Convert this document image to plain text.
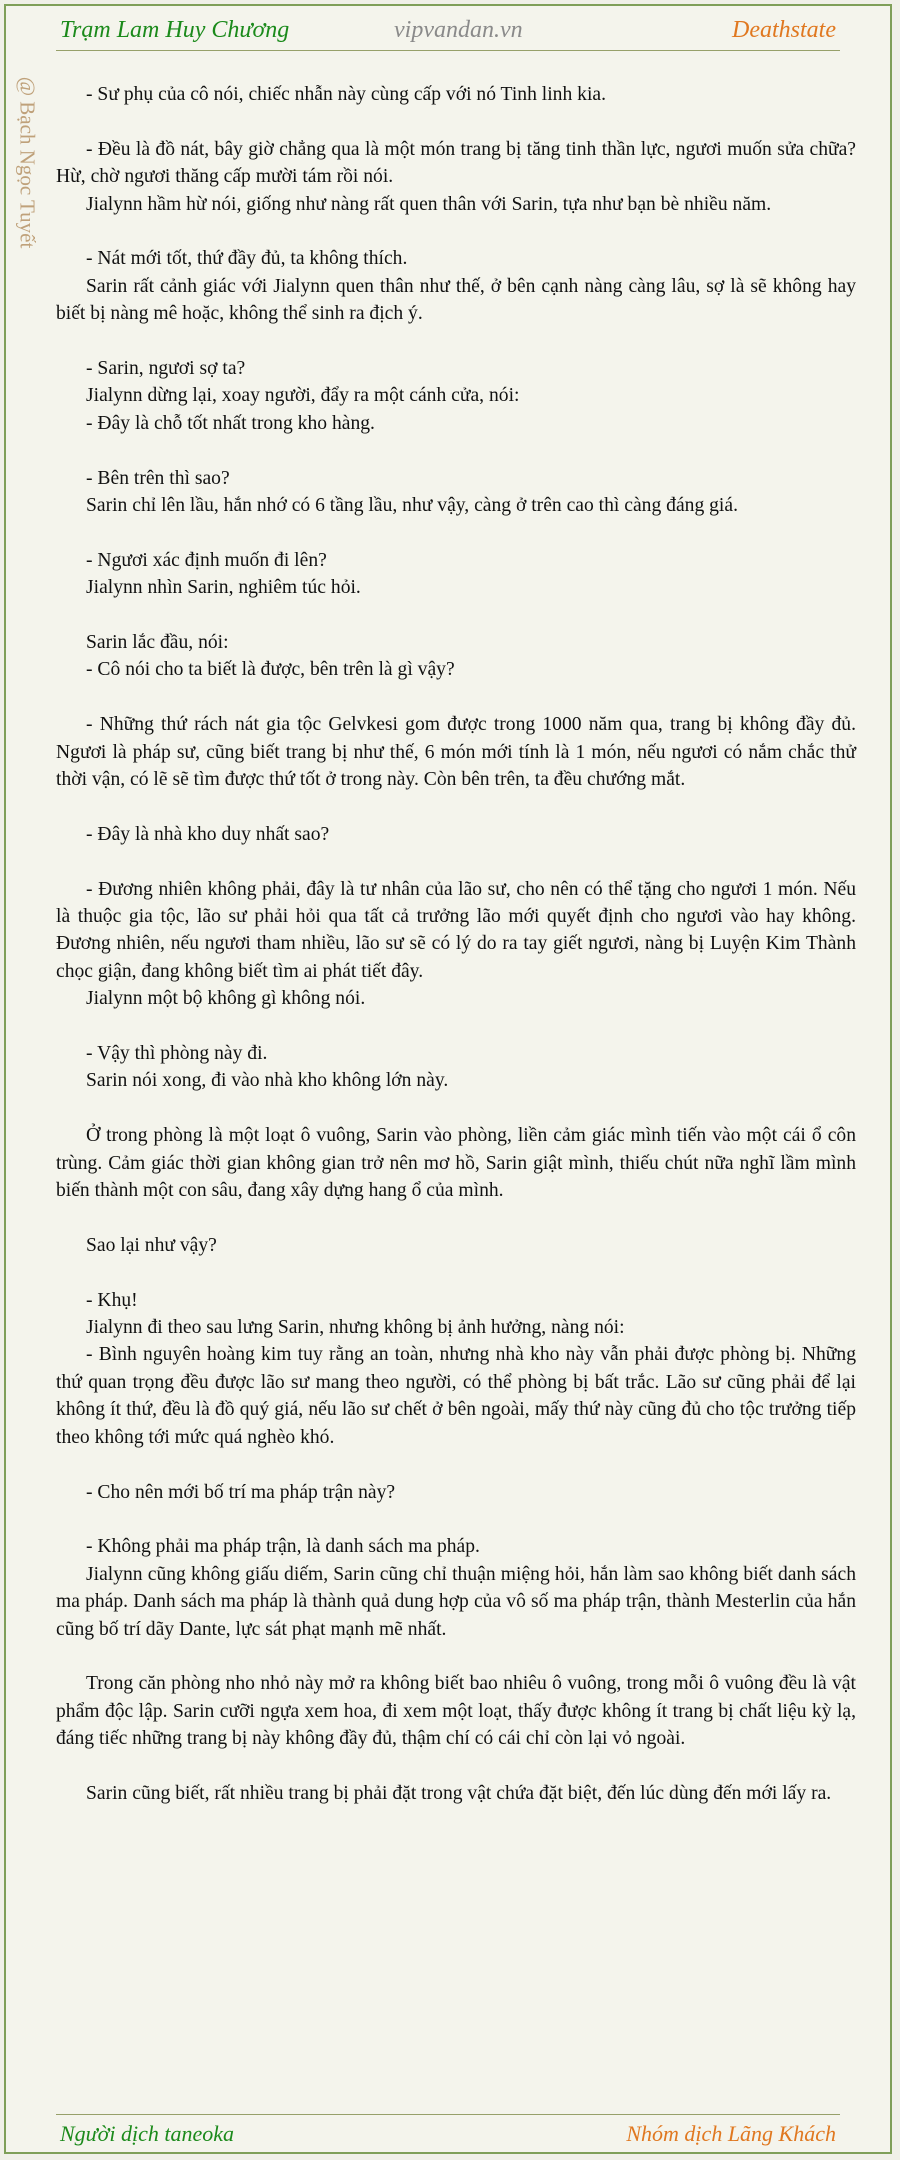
Trạm Lam Huy Chương	vipvandan.vn	Deathstate
@ Bạch Ngọc Tuyết	- Sư phụ của cô nói, chiếc nhẫn này cùng cấp với nó Tinh linh kia.

- Đều là đồ nát, bây giờ chẳng qua là một món trang bị tăng tinh thần lực, ngươi muốn sửa chữa? Hừ, chờ ngươi thăng cấp mười tám rồi nói.

Jialynn hầm hừ nói, giống như nàng rất quen thân với Sarin, tựa như bạn bè nhiều năm.

- Nát mới tốt, thứ đầy đủ, ta không thích.

Sarin rất cảnh giác với Jialynn quen thân như thế, ở bên cạnh nàng càng lâu, sợ là sẽ không hay biết bị nàng mê hoặc, không thể sinh ra địch ý.

- Sarin, ngươi sợ ta?

Jialynn dừng lại, xoay người, đẩy ra một cánh cửa, nói:

- Đây là chỗ tốt nhất trong kho hàng.

- Bên trên thì sao?

Sarin chỉ lên lầu, hắn nhớ có 6 tầng lầu, như vậy, càng ở trên cao thì càng đáng giá.

- Ngươi xác định muốn đi lên?

Jialynn nhìn Sarin, nghiêm túc hỏi.

Sarin lắc đầu, nói:

- Cô nói cho ta biết là được, bên trên là gì vậy?

- Những thứ rách nát gia tộc Gelvkesi gom được trong 1000 năm qua, trang bị không đầy đủ. Ngươi là pháp sư, cũng biết trang bị như thế, 6 món mới tính là 1 món, nếu ngươi có nắm chắc thử thời vận, có lẽ sẽ tìm được thứ tốt ở trong này. Còn bên trên, ta đều chướng mắt.

- Đây là nhà kho duy nhất sao?

- Đương nhiên không phải, đây là tư nhân của lão sư, cho nên có thể tặng cho ngươi 1 món. Nếu là thuộc gia tộc, lão sư phải hỏi qua tất cả trưởng lão mới quyết định cho ngươi vào hay không. Đương nhiên, nếu ngươi tham nhiều, lão sư sẽ có lý do ra tay giết ngươi, nàng bị Luyện Kim Thành chọc giận, đang không biết tìm ai phát tiết đây.

Jialynn một bộ không gì không nói.

- Vậy thì phòng này đi.

Sarin nói xong, đi vào nhà kho không lớn này.

Ở trong phòng là một loạt ô vuông, Sarin vào phòng, liền cảm giác mình tiến vào một cái ổ côn trùng. Cảm giác thời gian không gian trở nên mơ hồ, Sarin giật mình, thiếu chút nữa nghĩ lầm mình biến thành một con sâu, đang xây dựng hang ổ của mình.

Sao lại như vậy?

- Khụ!

Jialynn đi theo sau lưng Sarin, nhưng không bị ảnh hưởng, nàng nói:

- Bình nguyên hoàng kim tuy rằng an toàn, nhưng nhà kho này vẫn phải được phòng bị. Những thứ quan trọng đều được lão sư mang theo người, có thể phòng bị bất trắc. Lão sư cũng phải để lại không ít thứ, đều là đồ quý giá, nếu lão sư chết ở bên ngoài, mấy thứ này cũng đủ cho tộc trưởng tiếp theo không tới mức quá nghèo khó.

- Cho nên mới bố trí ma pháp trận này?

- Không phải ma pháp trận, là danh sách ma pháp.

Jialynn cũng không giấu diếm, Sarin cũng chỉ thuận miệng hỏi, hắn làm sao không biết danh sách ma pháp. Danh sách ma pháp là thành quả dung hợp của vô số ma pháp trận, thành Mesterlin của hắn cũng bố trí dãy Dante, lực sát phạt mạnh mẽ nhất.

Trong căn phòng nho nhỏ này mở ra không biết bao nhiêu ô vuông, trong mỗi ô vuông đều là vật phẩm độc lập. Sarin cưỡi ngựa xem hoa, đi xem một loạt, thấy được không ít trang bị chất liệu kỳ lạ, đáng tiếc những trang bị này không đầy đủ, thậm chí có cái chỉ còn lại vỏ ngoài.

Sarin cũng biết, rất nhiều trang bị phải đặt trong vật chứa đặt biệt, đến lúc dùng đến mới lấy ra.

Người dịch taneoka	Nhóm dịch Lãng Khách
